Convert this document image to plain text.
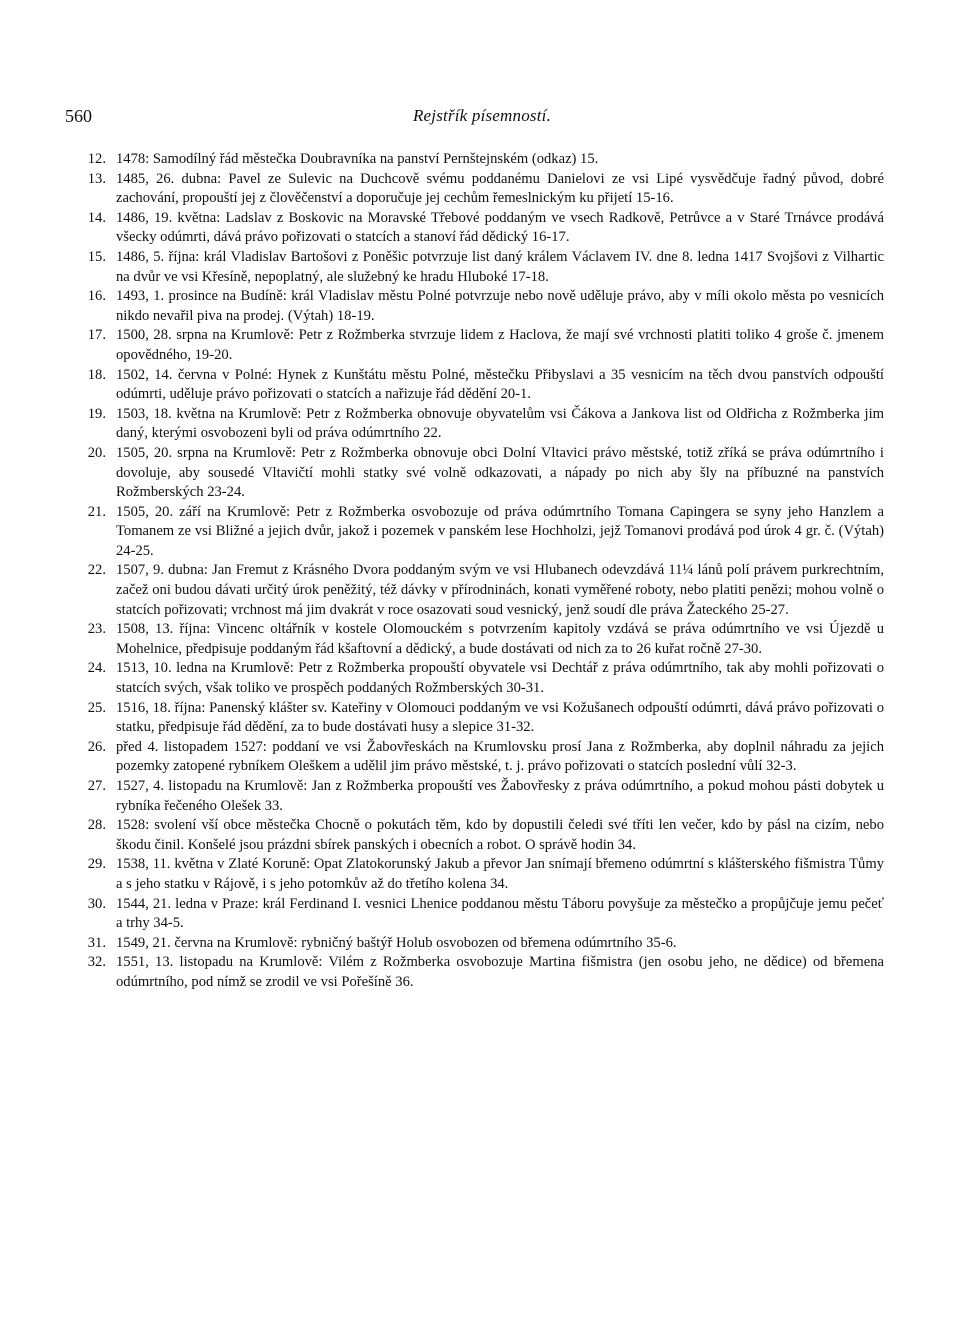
560	Rejstřík písemností.
12. 1478: Samodílný řád městečka Doubravníka na panství Pernštejnském (odkaz) 15.
13. 1485, 26. dubna: Pavel ze Sulevic na Duchcově svému poddanému Danielovi ze vsi Lipé vysvědčuje řadný původ, dobré zachování, propouští jej z člověčenství a doporučuje jej cechům řemeslnickým ku přijetí 15-16.
14. 1486, 19. května: Ladslav z Boskovic na Moravské Třebové poddaným ve vsech Radkově, Petrůvce a v Staré Trnávce prodává všecky odúmrti, dává právo pořizovati o statcích a stanoví řád dědický 16-17.
15. 1486, 5. října: král Vladislav Bartošovi z Poněšic potvrzuje list daný králem Václavem IV. dne 8. ledna 1417 Svojšovi z Vilhartic na dvůr ve vsi Křesíně, nepoplatný, ale služebný ke hradu Hluboké 17-18.
16. 1493, 1. prosince na Budíně: král Vladislav městu Polné potvrzuje nebo nově uděluje právo, aby v míli okolo města po vesnicích nikdo nevařil piva na prodej. (Výtah) 18-19.
17. 1500, 28. srpna na Krumlově: Petr z Rožmberka stvrzuje lidem z Haclova, že mají své vrchnosti platiti toliko 4 groše č. jmenem opovědného, 19-20.
18. 1502, 14. června v Polné: Hynek z Kunštátu městu Polné, městečku Přibyslavi a 35 vesnicím na těch dvou panstvích odpouští odúmrti, uděluje právo pořizovati o statcích a nařizuje řád dědění 20-1.
19. 1503, 18. května na Krumlově: Petr z Rožmberka obnovuje obyvatelům vsi Čákova a Jankova list od Oldřicha z Rožmberka jim daný, kterými osvobozeni byli od práva odúmrtního 22.
20. 1505, 20. srpna na Krumlově: Petr z Rožmberka obnovuje obci Dolní Vltavici právo městské, totiž zříká se práva odúmrtního i dovoluje, aby sousedé Vltavičtí mohli statky své volně odkazovati, a nápady po nich aby šly na příbuzné na panstvích Rožmberských 23-24.
21. 1505, 20. září na Krumlově: Petr z Rožmberka osvobozuje od práva odúmrtního Tomana Capingera se syny jeho Hanzlem a Tomanem ze vsi Bližné a jejich dvůr, jakož i pozemek v panském lese Hochholzi, jejž Tomanovi prodává pod úrok 4 gr. č. (Výtah) 24-25.
22. 1507, 9. dubna: Jan Fremut z Krásného Dvora poddaným svým ve vsi Hlubanech odevzdává 11¼ lánů polí právem purkrechtním, začež oni budou dávati určitý úrok peněžitý, též dávky v přírodninách, konati vyměřené roboty, nebo platiti penězi; mohou volně o statcích pořizovati; vrchnost má jim dvakrát v roce osazovati soud vesnický, jenž soudí dle práva Žateckého 25-27.
23. 1508, 13. října: Vincenc oltářník v kostele Olomouckém s potvrzením kapitoly vzdává se práva odúmrtního ve vsi Újezdě u Mohelnice, předpisuje poddaným řád kšaftovní a dědický, a bude dostávati od nich za to 26 kuřat ročně 27-30.
24. 1513, 10. ledna na Krumlově: Petr z Rožmberka propouští obyvatele vsi Dechtář z práva odúmrtního, tak aby mohli pořizovati o statcích svých, však toliko ve prospěch poddaných Rožmberských 30-31.
25. 1516, 18. října: Panenský klášter sv. Kateřiny v Olomouci poddaným ve vsi Kožušanech odpouští odúmrti, dává právo pořizovati o statku, předpisuje řád dědění, za to bude dostávati husy a slepice 31-32.
26. před 4. listopadem 1527: poddaní ve vsi Žabovřeskách na Krumlovsku prosí Jana z Rožmberka, aby doplnil náhradu za jejich pozemky zatopené rybníkem Oleškem a udělil jim právo městské, t. j. právo pořizovati o statcích poslední vůlí 32-3.
27. 1527, 4. listopadu na Krumlově: Jan z Rožmberka propouští ves Žabovřesky z práva odúmrtního, a pokud mohou pásti dobytek u rybníka řečeného Olešek 33.
28. 1528: svolení vší obce městečka Chocně o pokutách těm, kdo by dopustili čeledi své tříti len večer, kdo by pásl na cizím, nebo škodu činil. Konšelé jsou prázdni sbírek panských i obecních a robot. O správě hodin 34.
29. 1538, 11. května v Zlaté Koruně: Opat Zlatokorunský Jakub a převor Jan snímají břemeno odúmrtní s klášterského fišmistra Tůmy a s jeho statku v Rájově, i s jeho potomkův až do třetího kolena 34.
30. 1544, 21. ledna v Praze: král Ferdinand I. vesnici Lhenice poddanou městu Táboru povyšuje za městečko a propůjčuje jemu pečeť a trhy 34-5.
31. 1549, 21. června na Krumlově: rybničný baštýř Holub osvobozen od břemena odúmrtního 35-6.
32. 1551, 13. listopadu na Krumlově: Vilém z Rožmberka osvobozuje Martina fišmistra (jen osobu jeho, ne dědice) od břemena odúmrtního, pod nímž se zrodil ve vsi Pořešíně 36.
